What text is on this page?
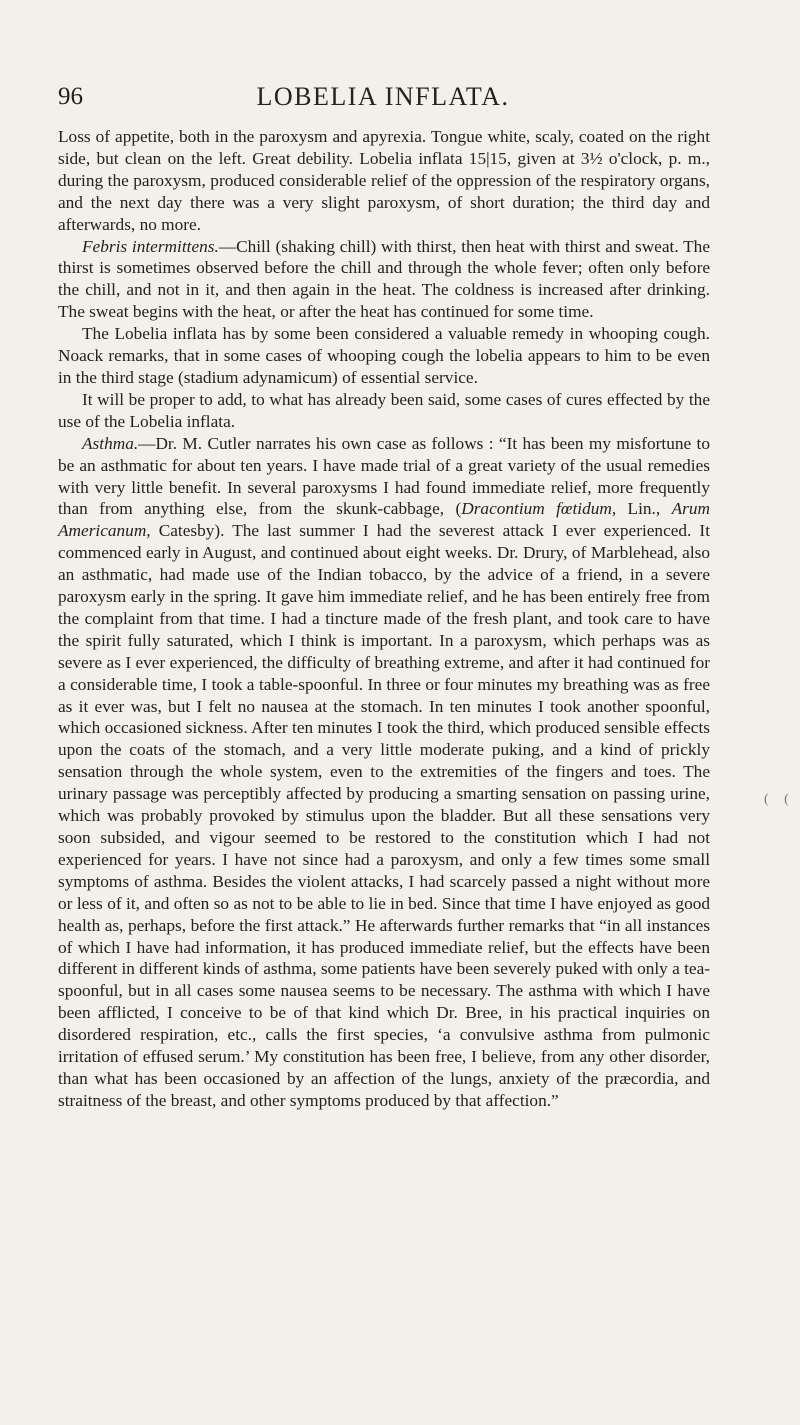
96	LOBELIA INFLATA.

Loss of appetite, both in the paroxysm and apyrexia. Tongue white, scaly, coated on the right side, but clean on the left. Great debility. Lobelia inflata 15|15, given at 3½ o'clock, p. m., during the paroxysm, produced considerable relief of the oppression of the respiratory organs, and the next day there was a very slight paroxysm, of short duration; the third day and afterwards, no more.

Febris intermittens.—Chill (shaking chill) with thirst, then heat with thirst and sweat. The thirst is sometimes observed before the chill and through the whole fever; often only before the chill, and not in it, and then again in the heat. The coldness is increased after drinking. The sweat begins with the heat, or after the heat has continued for some time.

The Lobelia inflata has by some been considered a valuable remedy in whooping cough. Noack remarks, that in some cases of whooping cough the lobelia appears to him to be even in the third stage (stadium adynamicum) of essential service.

It will be proper to add, to what has already been said, some cases of cures effected by the use of the Lobelia inflata.

Asthma.—Dr. M. Cutler narrates his own case as follows : “It has been my misfortune to be an asthmatic for about ten years. I have made trial of a great variety of the usual remedies with very little benefit. In several paroxysms I had found immediate relief, more frequently than from anything else, from the skunk-cabbage, (Dracontium fœtidum, Lin., Arum Americanum, Catesby). The last summer I had the severest attack I ever experienced. It commenced early in August, and continued about eight weeks. Dr. Drury, of Marblehead, also an asthmatic, had made use of the Indian tobacco, by the advice of a friend, in a severe paroxysm early in the spring. It gave him immediate relief, and he has been entirely free from the complaint from that time. I had a tincture made of the fresh plant, and took care to have the spirit fully saturated, which I think is important. In a paroxysm, which perhaps was as severe as I ever experienced, the difficulty of breathing extreme, and after it had continued for a considerable time, I took a table-spoonful. In three or four minutes my breathing was as free as it ever was, but I felt no nausea at the stomach. In ten minutes I took another spoonful, which occasioned sickness. After ten minutes I took the third, which produced sensible effects upon the coats of the stomach, and a very little moderate puking, and a kind of prickly sensation through the whole system, even to the extremities of the fingers and toes. The urinary passage was perceptibly affected by producing a smarting sensation on passing urine, which was probably provoked by stimulus upon the bladder. But all these sensations very soon subsided, and vigour seemed to be restored to the constitution which I had not experienced for years. I have not since had a paroxysm, and only a few times some small symptoms of asthma. Besides the violent attacks, I had scarcely passed a night without more or less of it, and often so as not to be able to lie in bed. Since that time I have enjoyed as good health as, perhaps, before the first attack.” He afterwards further remarks that “in all instances of which I have had information, it has produced immediate relief, but the effects have been different in different kinds of asthma, some patients have been severely puked with only a tea-spoonful, but in all cases some nausea seems to be necessary. The asthma with which I have been afflicted, I conceive to be of that kind which Dr. Bree, in his practical inquiries on disordered respiration, etc., calls the first species, ‘a convulsive asthma from pulmonic irritation of effused serum.’ My constitution has been free, I believe, from any other disorder, than what has been occasioned by an affection of the lungs, anxiety of the præcordia, and straitness of the breast, and other symptoms produced by that affection.”

( (
